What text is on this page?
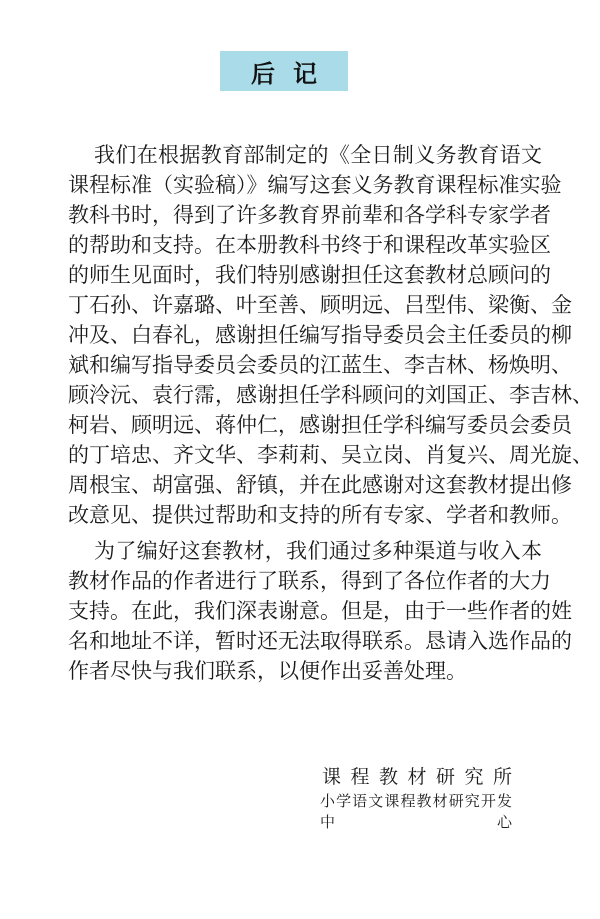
后记
我们在根据教育部制定的《全日制义务教育语文
课程标准（实验稿）》编写这套义务教育课程标准实验
教科书时，得到了许多教育界前辈和各学科专家学者
的帮助和支持。在本册教科书终于和课程改革实验区
的师生见面时，我们特别感谢担任这套教材总顾问的
丁石孙、许嘉璐、叶至善、顾明远、吕型伟、梁衡、金
冲及、白春礼，感谢担任编写指导委员会主任委员的柳
斌和编写指导委员会委员的江蓝生、李吉林、杨焕明、
顾泠沅、袁行霈，感谢担任学科顾问的刘国正、李吉林、
柯岩、顾明远、蒋仲仁，感谢担任学科编写委员会委员
的丁培忠、齐文华、李莉莉、吴立岗、肖复兴、周光旋、
周根宝、胡富强、舒镇，并在此感谢对这套教材提出修
改意见、提供过帮助和支持的所有专家、学者和教师。
为了编好这套教材，我们通过多种渠道与收入本
教材作品的作者进行了联系，得到了各位作者的大力
支持。在此，我们深表谢意。但是，由于一些作者的姓
名和地址不详，暂时还无法取得联系。恳请入选作品的
作者尽快与我们联系，以便作出妥善处理。
课程教材研究所
小学语文课程教材研究开发中心
